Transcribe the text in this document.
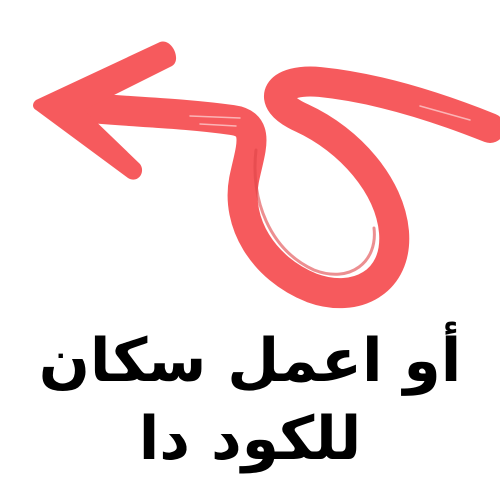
أو اعمل سكان
للكود دا
